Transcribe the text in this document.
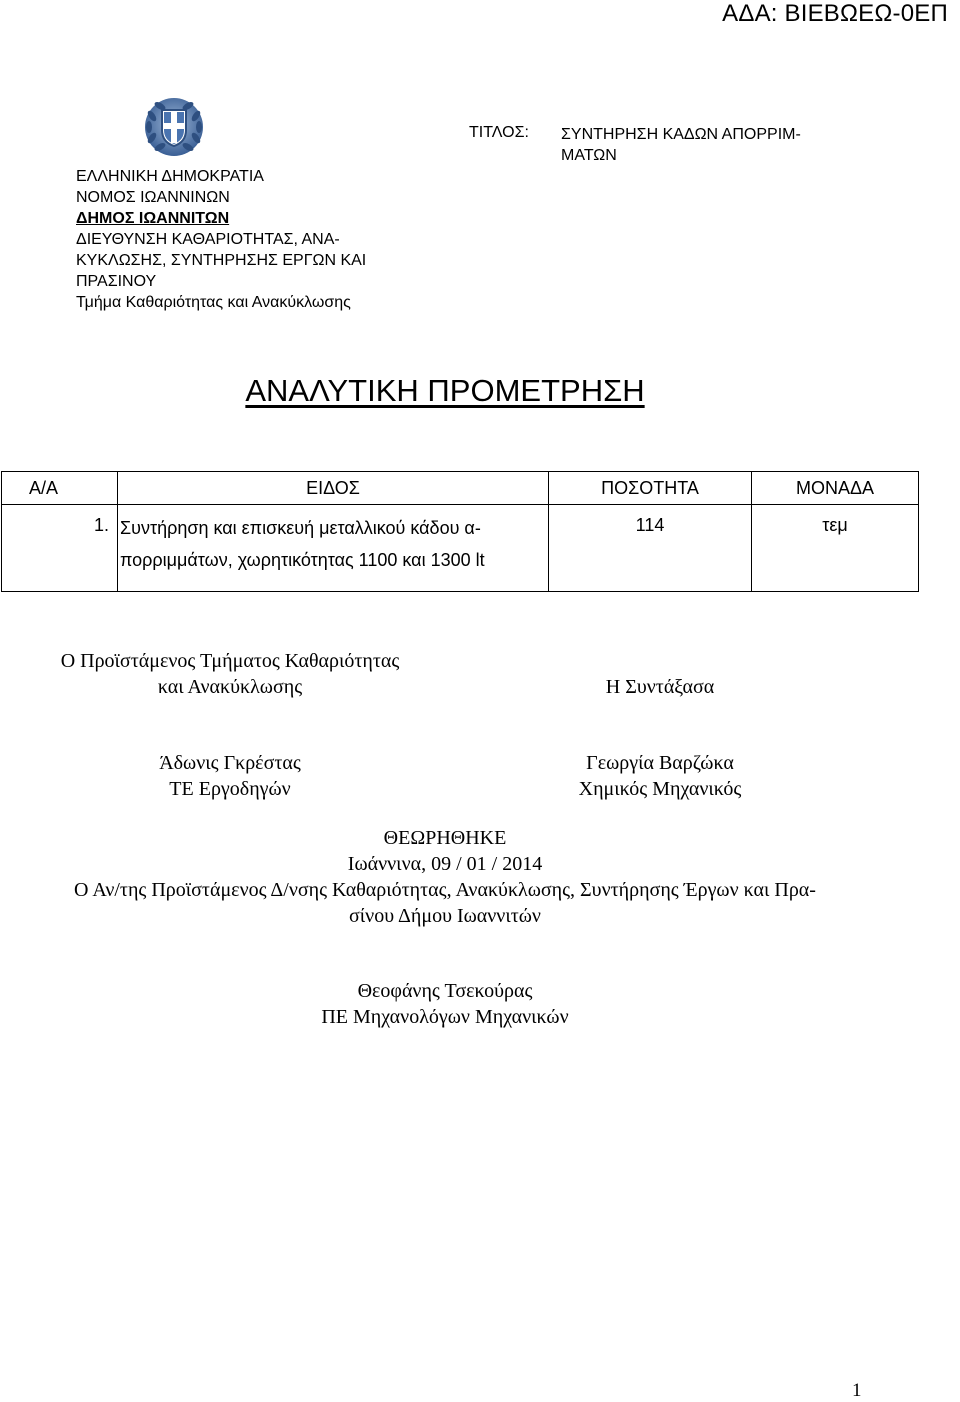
ΑΔΑ: ΒΙΕΒΩΕΩ-0ΕΠ
ΕΛΛΗΝΙΚΗ ΔΗΜΟΚΡΑΤΙΑ
ΝΟΜΟΣ ΙΩΑΝΝΙΝΩΝ
ΔΗΜΟΣ ΙΩΑΝΝΙΤΩΝ
ΔΙΕΥΘΥΝΣΗ ΚΑΘΑΡΙΟΤΗΤΑΣ, ΑΝΑ-
ΚΥΚΛΩΣΗΣ, ΣΥΝΤΗΡΗΣΗΣ ΕΡΓΩΝ ΚΑΙ
ΠΡΑΣΙΝΟΥ
Τμήμα Καθαριότητας και Ανακύκλωσης
ΤΙΤΛΟΣ: ΣΥΝΤΗΡΗΣΗ ΚΑΔΩΝ ΑΠΟΡΡΙΜ-
ΜΑΤΩΝ
ΑΝΑΛΥΤΙΚΗ ΠΡΟΜΕΤΡΗΣΗ
Α/Α	ΕΙΔΟΣ	ΠΟΣΟΤΗΤΑ	ΜΟΝΑΔΑ
1.	Συντήρηση και επισκευή μεταλλικού κάδου α-
πορριμμάτων, χωρητικότητας 1100 και 1300 lt	114	τεμ
Ο Προϊστάμενος Τμήματος Καθαριότητας
και Ανακύκλωσης	Η Συντάξασα
Άδωνις Γκρέστας
ΤΕ Εργοδηγών
Γεωργία Βαρζώκα
Χημικός Μηχανικός
ΘΕΩΡΗΘΗΚΕ
Ιωάννινα, 09 / 01 / 2014
Ο Αν/της Προϊστάμενος Δ/νσης Καθαριότητας, Ανακύκλωσης, Συντήρησης Έργων και Πρα-
σίνου Δήμου Ιωαννιτών
Θεοφάνης Τσεκούρας
ΠΕ Μηχανολόγων Μηχανικών
1
